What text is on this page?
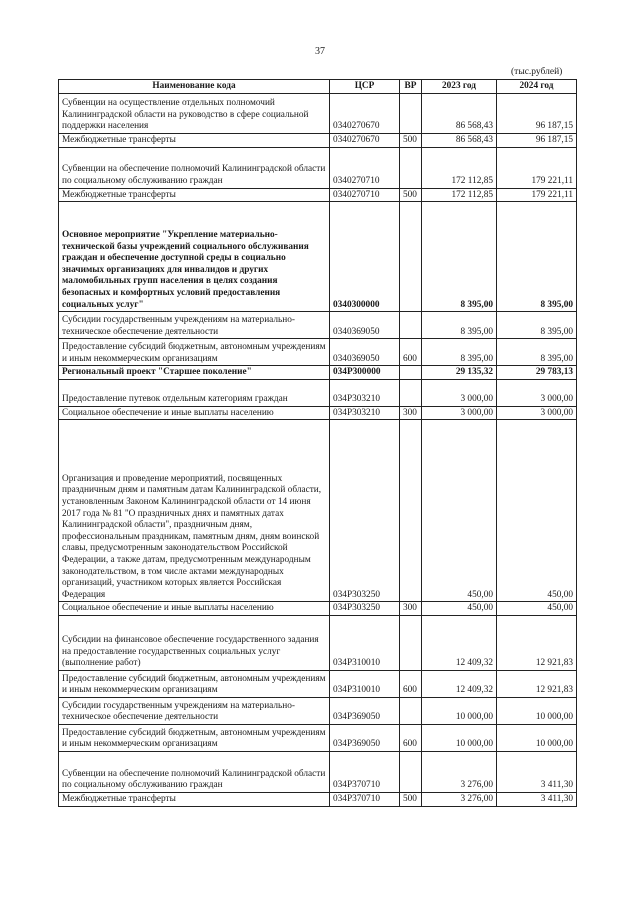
37
(тыс.рублей)
Наименование кода	ЦСР	ВР	2023 год	2024 год
Субвенции на осуществление отдельных полномочий Калининградской области на руководство в сфере социальной поддержки населения	0340270670		86 568,43	96 187,15
Межбюджетные трансферты	0340270670	500	86 568,43	96 187,15
Субвенции на обеспечение полномочий Калининградской области по социальному обслуживанию граждан	0340270710		172 112,85	179 221,11
Межбюджетные трансферты	0340270710	500	172 112,85	179 221,11
Основное мероприятие "Укрепление материально-технической базы учреждений социального обслуживания граждан и обеспечение доступной среды в социально значимых организациях для инвалидов и других маломобильных групп населения в целях создания безопасных и комфортных условий предоставления социальных услуг"	0340300000		8 395,00	8 395,00
Субсидии государственным учреждениям на материально-техническое обеспечение деятельности	0340369050		8 395,00	8 395,00
Предоставление субсидий бюджетным, автономным учреждениям и иным некоммерческим организациям	0340369050	600	8 395,00	8 395,00
Региональный проект "Старшее поколение"	034P300000		29 135,32	29 783,13
Предоставление путевок отдельным категориям граждан	034P303210		3 000,00	3 000,00
Социальное обеспечение и иные выплаты населению	034P303210	300	3 000,00	3 000,00
Организация и проведение мероприятий, посвященных праздничным дням и памятным датам Калининградской области, установленным Законом Калининградской области от 14 июня 2017 года № 81 "О праздничных днях и памятных датах Калининградской области", праздничным дням, профессиональным праздникам, памятным дням, дням воинской славы, предусмотренным законодательством Российской Федерации, а также датам, предусмотренным международным законодательством, в том числе актами международных организаций, участником которых является Российская Федерация	034P303250		450,00	450,00
Социальное обеспечение и иные выплаты населению	034P303250	300	450,00	450,00
Субсидии на финансовое обеспечение государственного задания на предоставление государственных социальных услуг (выполнение работ)	034P310010		12 409,32	12 921,83
Предоставление субсидий бюджетным, автономным учреждениям и иным некоммерческим организациям	034P310010	600	12 409,32	12 921,83
Субсидии государственным учреждениям на материально-техническое обеспечение деятельности	034P369050		10 000,00	10 000,00
Предоставление субсидий бюджетным, автономным учреждениям и иным некоммерческим организациям	034P369050	600	10 000,00	10 000,00
Субвенции на обеспечение полномочий Калининградской области по социальному обслуживанию граждан	034P370710		3 276,00	3 411,30
Межбюджетные трансферты	034P370710	500	3 276,00	3 411,30
